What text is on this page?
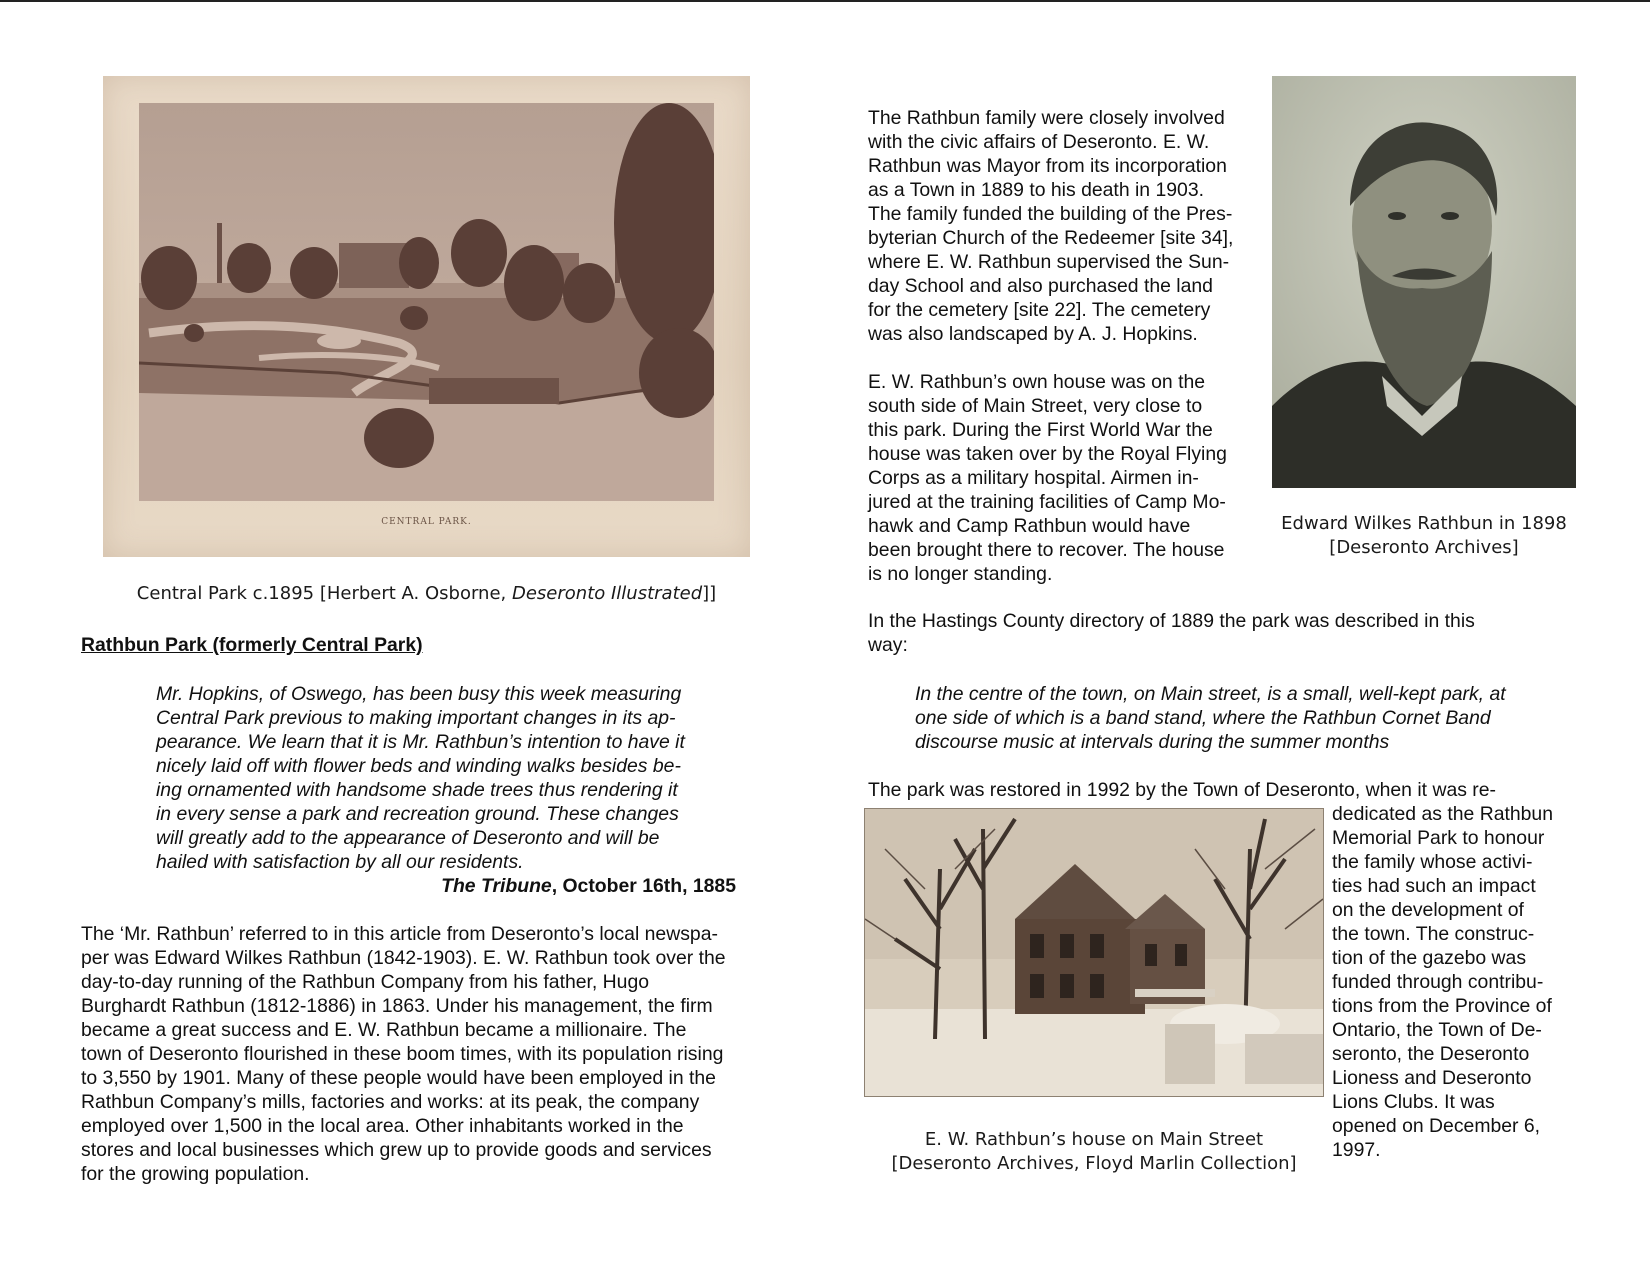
CENTRAL PARK.
Central Park c.1895 [Herbert A. Osborne, Deseronto Illustrated]]
Rathbun Park (formerly Central Park)
Mr. Hopkins, of Oswego, has been busy this week measuring
Central Park previous to making important changes in its ap-
pearance. We learn that it is Mr. Rathbun’s intention to have it
nicely laid off with flower beds and winding walks besides be-
ing ornamented with handsome shade trees thus rendering it
in every sense a park and recreation ground. These changes
will greatly add to the appearance of Deseronto and will be
hailed with satisfaction by all our residents.
The Tribune, October 16th, 1885
The ‘Mr. Rathbun’ referred to in this article from Deseronto’s local newspa-
per was Edward Wilkes Rathbun (1842-1903). E. W. Rathbun took over the
day-to-day running of the Rathbun Company from his father, Hugo
Burghardt Rathbun (1812-1886) in 1863. Under his management, the firm
became a great success and E. W. Rathbun became a millionaire. The
town of Deseronto flourished in these boom times, with its population rising
to 3,550 by 1901. Many of these people would have been employed in the
Rathbun Company’s mills, factories and works: at its peak, the company
employed over 1,500 in the local area. Other inhabitants worked in the
stores and local businesses which grew up to provide goods and services
for the growing population.
The Rathbun family were closely involved
with the civic affairs of Deseronto. E. W.
Rathbun was Mayor from its incorporation
as a Town in 1889 to his death in 1903.
The family funded the building of the Pres-
byterian Church of the Redeemer [site 34],
where E. W. Rathbun supervised the Sun-
day School and also purchased the land
for the cemetery [site 22]. The cemetery
was also landscaped by A. J. Hopkins.
E. W. Rathbun’s own house was on the
south side of Main Street, very close to
this park. During the First World War the
house was taken over by the Royal Flying
Corps as a military hospital. Airmen in-
jured at the training facilities of Camp Mo-
hawk and Camp Rathbun would have
been brought there to recover. The house
is no longer standing.
Edward Wilkes Rathbun in 1898
[Deseronto Archives]
In the Hastings County directory of 1889 the park was described in this
way:
In the centre of the town, on Main street, is a small, well-kept park, at
one side of which is a band stand, where the Rathbun Cornet Band
discourse music at intervals during the summer months
The park was restored in 1992 by the Town of Deseronto, when it was re-
E. W. Rathbun’s house on Main Street
[Deseronto Archives, Floyd Marlin Collection]
dedicated as the Rathbun
Memorial Park to honour
the family whose activi-
ties had such an impact
on the development of
the town. The construc-
tion of the gazebo was
funded through contribu-
tions from the Province of
Ontario, the Town of De-
seronto, the Deseronto
Lioness and Deseronto
Lions Clubs. It was
opened on December 6,
1997.
